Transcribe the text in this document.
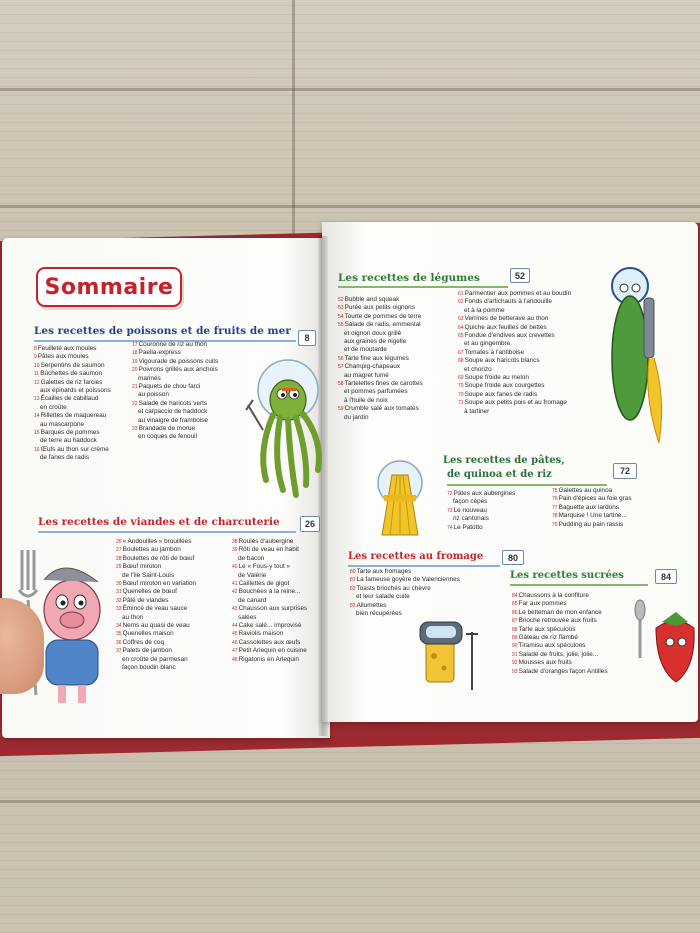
Sommaire
Les recettes de poissons et de fruits de mer
8
8Feuilleté aux moules
9Pâtes aux moules
10Serpentins de saumon
11Bûchettes de saumon
12Galettes de riz farcies
aux épinards et poissons
13Écailles de cabillaud
en croûte
14Rillettes de maquereau
au mascarpone
15Barques de pommes
de terre au haddock
16Œufs au thon sur crème
de fanes de radis
17Couronne de riz au thon
18Paella-express
19Vigourade de poissons cuits
20Poivrons grillés aux anchois
marinés
21Paquets de chou farci
au poisson
22Salade de haricots verts
et carpaccio de haddock
au vinaigre de framboise
23Brandade de morue
en coques de fenouil
Les recettes de viandes et de charcuterie	26
26« Andouilles » brouillées
27Boulettes au jambon
28Boulettes de rôti de bœuf
29Bœuf miroton
de l'île Saint-Louis
30Bœuf miroton en variation
31Quenelles de bœuf
32Pâté de viandes
33Émincé de veau sauce
au thon
34Nems au quasi de veau
35Quenelles maison
36Coffres de coq
37Palets de jambon
en croûte de parmesan
façon boudin blanc
38Roulés d'aubergine
39Rôti de veau en habit
de bacon
40Le « Fous-y tout »
de Valérie
41Caillettes de gigot
42Bouchées à la reine...
de canard
43Chausson aux surprises
salées
44Cake salé... improvisé
45Raviolis maison
46Cassolettes aux œufs
47Petit Arlequin en cuisine
48Rigatonis en Arlequin
Les recettes de légumes	52
52Bubble and squeak
53Purée aux petits oignons
54Tourte de pommes de terre
55Salade de radis, emmental
et oignon doux grillé
aux graines de nigelle
et de moutarde
56Tarte fine aux légumes
57Champig-chapeaux
au magret fumé
58Tartelettes fines de carottes
et pommes parfumées
à l'huile de noix
59Crumble salé aux tomates
du jardin
61Parmentier aux pommes et au boudin
62Fonds d'artichauts à l'andouille
et à la pomme
63Verrines de betterave au thon
64Quiche aux feuilles de bettes
65Fondue d'endives aux crevettes
et au gingembre
67Tomates à l'antiboise
68Soupe aux haricots blancs
et chorizo
69Soupe froide au melon
70Soupe froide aux courgettes
70Soupe aux fanes de radis
71Soupe aux petits pois et au fromage
à tartiner
Les recettes de pâtes,
de quinoa et de riz	72
72Pâtes aux aubergines
façon cèpes
73Le nouveau
riz cantonais
74Le Patotto
75Galettes au quinoa
76Pain d'épices au foie gras
77Baguette aux lardons
78Marquise ! Une tartine...
79Pudding au pain rassis
Les recettes au fromage	80
80Tarte aux fromages
81La fameuse goyère de Valenciennes
82Toasts briochés au chèvre
et leur salade cuite
83Allumettes
bien récupérées
Les recettes sucrées	84
84Chaussons à la confiture
85Far aux pommes
86Le betteman de mon enfance
87Brioche retrouvée aux fruits
88Tarte aux spéculoos
89Gâteau de riz flambé
90Tiramisu aux spéculoos
91Salade de fruits, jolie, jolie...
92Mousses aux fruits
93Salade d'oranges façon Antilles
